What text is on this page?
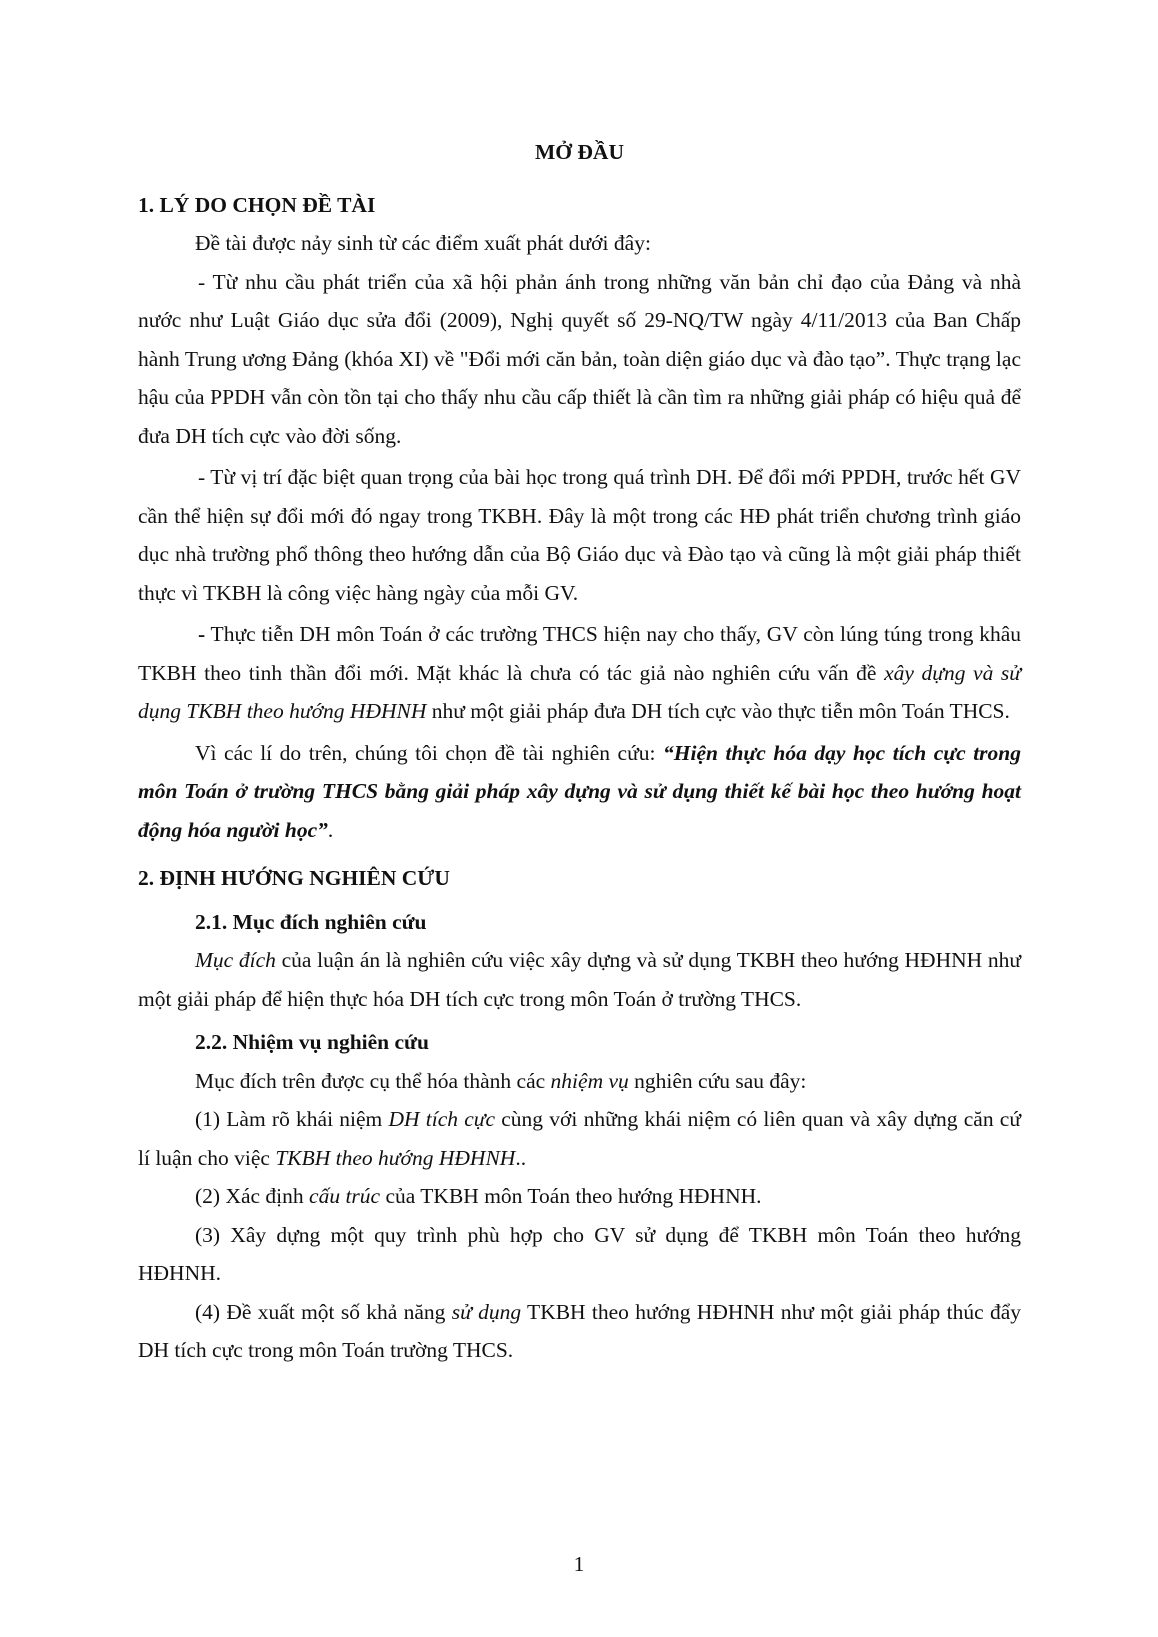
MỞ ĐẦU

1. LÝ DO CHỌN ĐỀ TÀI

Đề tài được nảy sinh từ các điểm xuất phát dưới đây:

- Từ nhu cầu phát triển của xã hội phản ánh trong những văn bản chỉ đạo của Đảng và nhà nước như Luật Giáo dục sửa đổi (2009), Nghị quyết số 29-NQ/TW ngày 4/11/2013 của Ban Chấp hành Trung ương Đảng (khóa XI) về "Đổi mới căn bản, toàn diện giáo dục và đào tạo”. Thực trạng lạc hậu của PPDH vẫn còn tồn tại cho thấy nhu cầu cấp thiết là cần tìm ra những giải pháp có hiệu quả để đưa DH tích cực vào đời sống.

- Từ vị trí đặc biệt quan trọng của bài học trong quá trình DH. Để đổi mới PPDH, trước hết GV cần thể hiện sự đổi mới đó ngay trong TKBH. Đây là một trong các HĐ phát triển chương trình giáo dục nhà trường phổ thông theo hướng dẫn của Bộ Giáo dục và Đào tạo và cũng là một giải pháp thiết thực vì TKBH là công việc hàng ngày của mỗi GV.

- Thực tiễn DH môn Toán ở các trường THCS hiện nay cho thấy, GV còn lúng túng trong khâu TKBH theo tinh thần đổi mới. Mặt khác là chưa có tác giả nào nghiên cứu vấn đề xây dựng và sử dụng TKBH theo hướng HĐHNH như một giải pháp đưa DH tích cực vào thực tiễn môn Toán THCS.

Vì các lí do trên, chúng tôi chọn đề tài nghiên cứu: “Hiện thực hóa dạy học tích cực trong môn Toán ở trường THCS bằng giải pháp xây dựng và sử dụng thiết kế bài học theo hướng hoạt động hóa người học”.

2. ĐỊNH HƯỚNG NGHIÊN CỨU

2.1. Mục đích nghiên cứu

Mục đích của luận án là nghiên cứu việc xây dựng và sử dụng TKBH theo hướng HĐHNH như một giải pháp để hiện thực hóa DH tích cực trong môn Toán ở trường THCS.

2.2. Nhiệm vụ nghiên cứu

Mục đích trên được cụ thể hóa thành các nhiệm vụ nghiên cứu sau đây:

(1) Làm rõ khái niệm DH tích cực cùng với những khái niệm có liên quan và xây dựng căn cứ lí luận cho việc TKBH theo hướng HĐHNH..

(2) Xác định cấu trúc của TKBH môn Toán theo hướng HĐHNH.

(3) Xây dựng một quy trình phù hợp cho GV sử dụng để TKBH môn Toán theo hướng HĐHNH.

(4) Đề xuất một số khả năng sử dụng TKBH theo hướng HĐHNH như một giải pháp thúc đẩy DH tích cực trong môn Toán trường THCS.

1
